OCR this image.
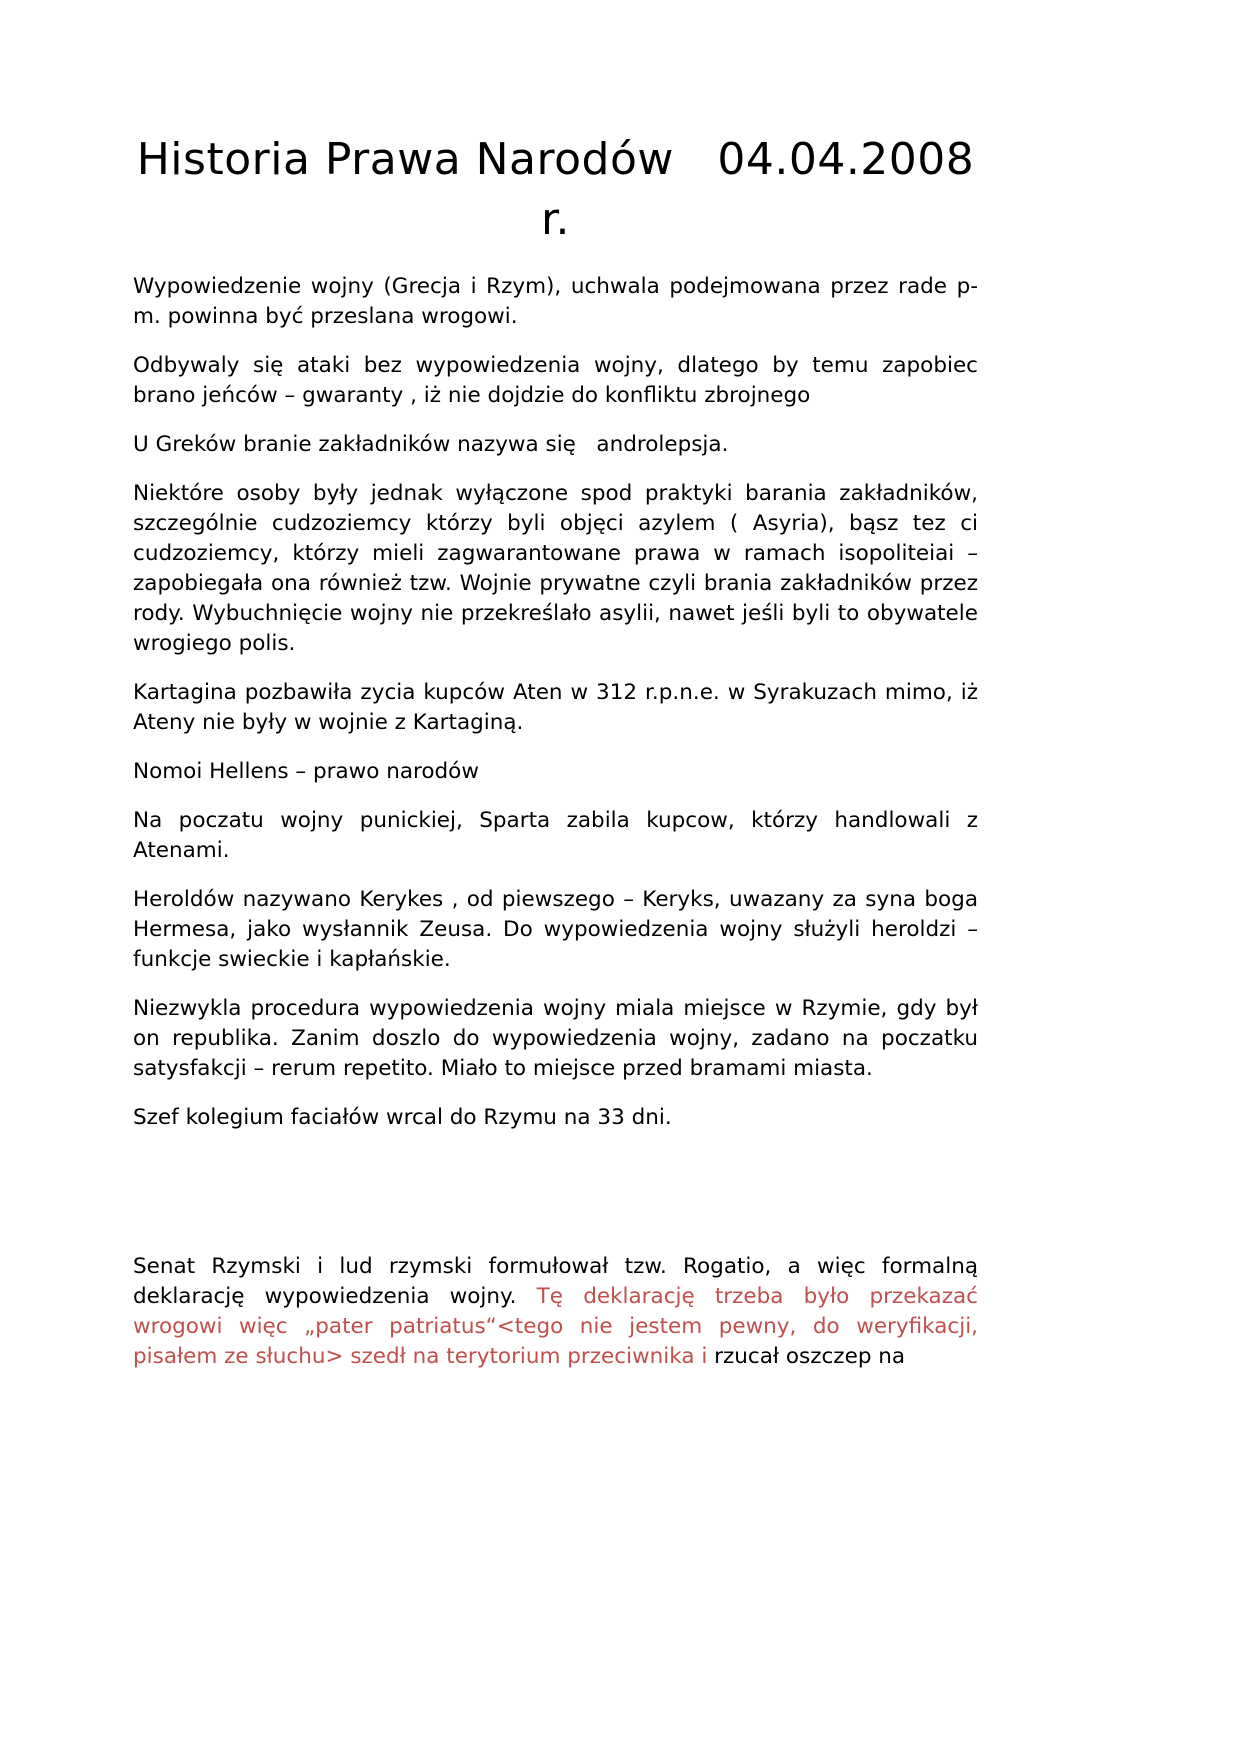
Historia Prawa Narodów   04.04.2008 r.

Wypowiedzenie wojny (Grecja i Rzym), uchwala podejmowana przez rade p-m. powinna być przeslana wrogowi.

Odbywaly się ataki bez wypowiedzenia wojny, dlatego by temu zapobiec brano jeńców – gwaranty , iż nie dojdzie do konfliktu zbrojnego

U Greków branie zakładników nazywa się   androlepsja.

Niektóre osoby były jednak wyłączone spod praktyki barania zakładników, szczególnie cudzoziemcy którzy byli objęci azylem ( Asyria), bąsz tez ci cudzoziemcy, którzy mieli zagwarantowane prawa w ramach isopoliteiai – zapobiegała ona również tzw. Wojnie prywatne czyli brania zakładników przez rody. Wybuchnięcie wojny nie przekreślało asylii, nawet jeśli byli to obywatele wrogiego polis.

Kartagina pozbawiła zycia kupców Aten w 312 r.p.n.e. w Syrakuzach mimo, iż Ateny nie były w wojnie z Kartaginą.

Nomoi Hellens – prawo narodów

Na poczatu wojny punickiej, Sparta zabila kupcow, którzy handlowali z Atenami.

Heroldów nazywano Kerykes , od piewszego – Keryks, uwazany za syna boga Hermesa, jako wysłannik Zeusa. Do wypowiedzenia wojny służyli heroldzi – funkcje swieckie i kapłańskie.

Niezwykla procedura wypowiedzenia wojny miala miejsce w Rzymie, gdy był on republika. Zanim doszlo do wypowiedzenia wojny, zadano na poczatku satysfakcji – rerum repetito. Miało to miejsce przed bramami miasta.

Szef kolegium faciałów wrcal do Rzymu na 33 dni.

Senat Rzymski i lud rzymski formułował tzw. Rogatio, a więc formalną deklarację wypowiedzenia wojny. Tę deklarację trzeba było przekazać wrogowi więc „pater patriatus“<tego nie jestem pewny, do weryfikacji, pisałem ze słuchu> szedł na terytorium przeciwnika i rzucał oszczep na
